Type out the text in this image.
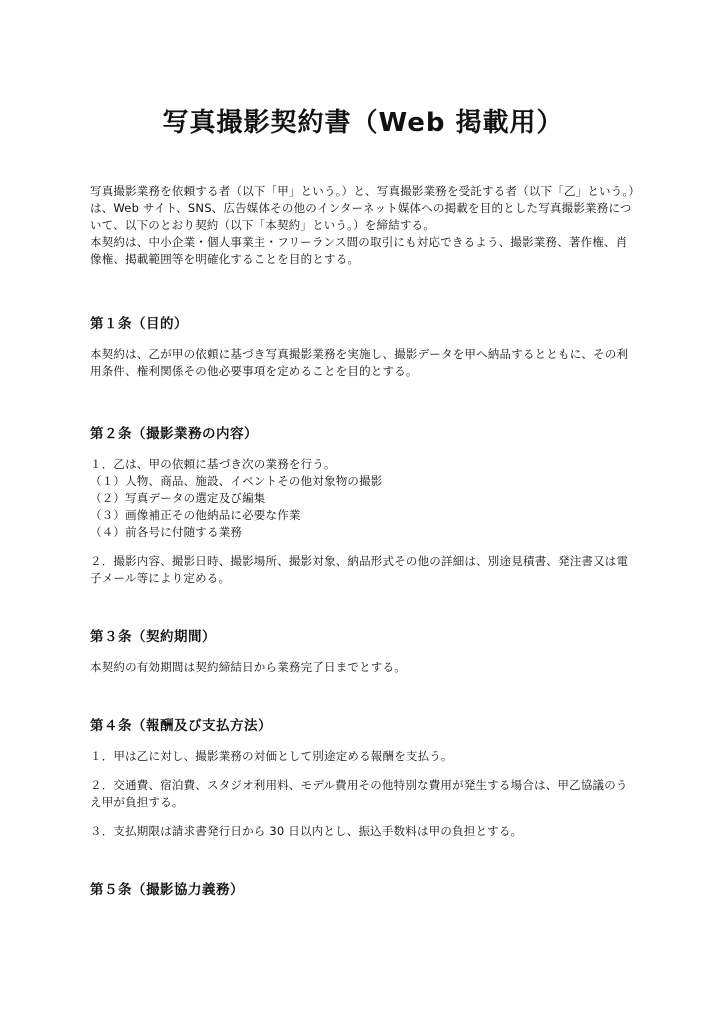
写真撮影契約書（Web 掲載用）

写真撮影業務を依頼する者（以下「甲」という。）と、写真撮影業務を受託する者（以下「乙」という。）は、Web サイト、SNS、広告媒体その他のインターネット媒体への掲載を目的とした写真撮影業務について、以下のとおり契約（以下「本契約」という。）を締結する。

本契約は、中小企業・個人事業主・フリーランス間の取引にも対応できるよう、撮影業務、著作権、肖像権、掲載範囲等を明確化することを目的とする。

第１条（目的）

本契約は、乙が甲の依頼に基づき写真撮影業務を実施し、撮影データを甲へ納品するとともに、その利用条件、権利関係その他必要事項を定めることを目的とする。

第２条（撮影業務の内容）

１．乙は、甲の依頼に基づき次の業務を行う。

（１）人物、商品、施設、イベントその他対象物の撮影
（２）写真データの選定及び編集
（３）画像補正その他納品に必要な作業
（４）前各号に付随する業務

２．撮影内容、撮影日時、撮影場所、撮影対象、納品形式その他の詳細は、別途見積書、発注書又は電子メール等により定める。

第３条（契約期間）

本契約の有効期間は契約締結日から業務完了日までとする。

第４条（報酬及び支払方法）

１．甲は乙に対し、撮影業務の対価として別途定める報酬を支払う。

２．交通費、宿泊費、スタジオ利用料、モデル費用その他特別な費用が発生する場合は、甲乙協議のうえ甲が負担する。

３．支払期限は請求書発行日から 30 日以内とし、振込手数料は甲の負担とする。

第５条（撮影協力義務）
